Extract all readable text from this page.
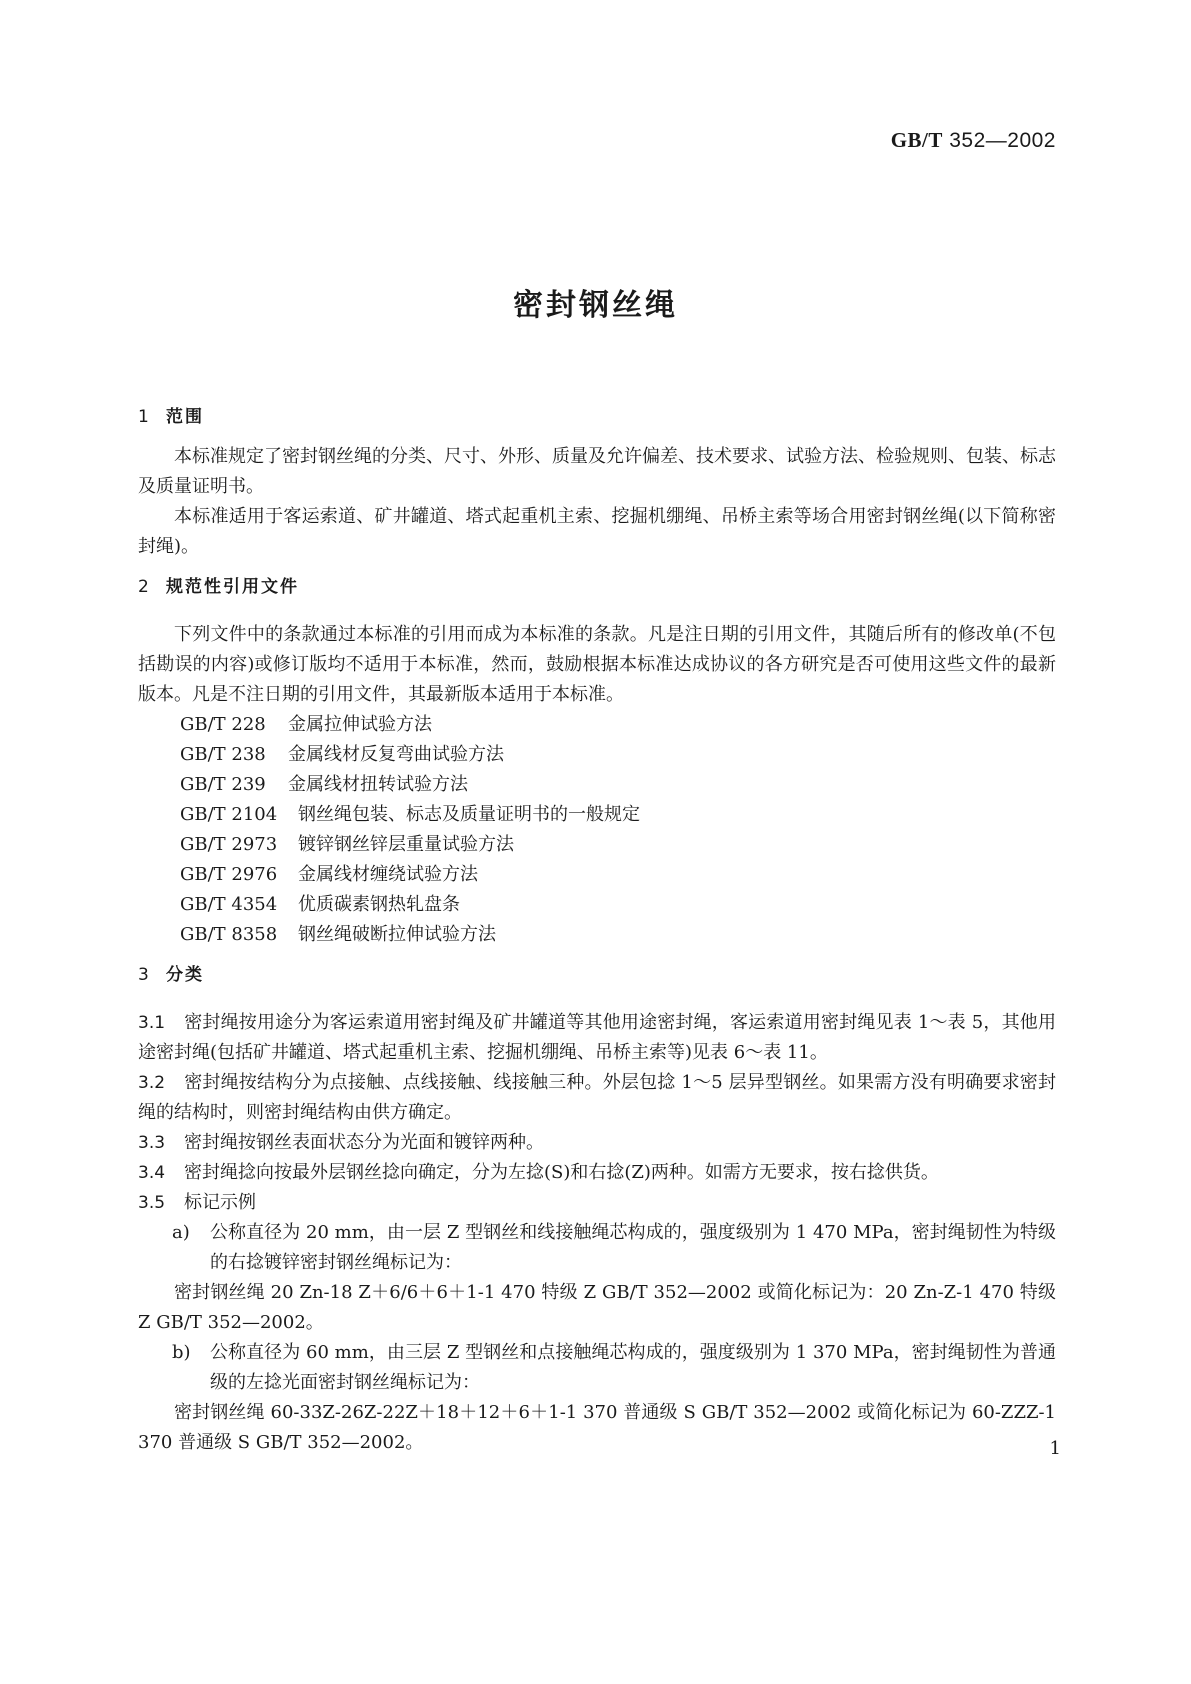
GB/T 352—2002
密封钢丝绳
1 范围

本标准规定了密封钢丝绳的分类、尺寸、外形、质量及允许偏差、技术要求、试验方法、检验规则、包装、标志及质量证明书。

本标准适用于客运索道、矿井罐道、塔式起重机主索、挖掘机绷绳、吊桥主索等场合用密封钢丝绳(以下简称密封绳)。

2 规范性引用文件

下列文件中的条款通过本标准的引用而成为本标准的条款。凡是注日期的引用文件，其随后所有的修改单(不包括勘误的内容)或修订版均不适用于本标准，然而，鼓励根据本标准达成协议的各方研究是否可使用这些文件的最新版本。凡是不注日期的引用文件，其最新版本适用于本标准。

GB/T 228 金属拉伸试验方法
GB/T 238 金属线材反复弯曲试验方法
GB/T 239 金属线材扭转试验方法
GB/T 2104 钢丝绳包装、标志及质量证明书的一般规定
GB/T 2973 镀锌钢丝锌层重量试验方法
GB/T 2976 金属线材缠绕试验方法
GB/T 4354 优质碳素钢热轧盘条
GB/T 8358 钢丝绳破断拉伸试验方法
3 分类

3.1 密封绳按用途分为客运索道用密封绳及矿井罐道等其他用途密封绳，客运索道用密封绳见表 1～表 5，其他用途密封绳(包括矿井罐道、塔式起重机主索、挖掘机绷绳、吊桥主索等)见表 6～表 11。

3.2 密封绳按结构分为点接触、点线接触、线接触三种。外层包捻 1～5 层异型钢丝。如果需方没有明确要求密封绳的结构时，则密封绳结构由供方确定。

3.3 密封绳按钢丝表面状态分为光面和镀锌两种。

3.4 密封绳捻向按最外层钢丝捻向确定，分为左捻(S)和右捻(Z)两种。如需方无要求，按右捻供货。

3.5 标记示例

a) 公称直径为 20 mm，由一层 Z 型钢丝和线接触绳芯构成的，强度级别为 1 470 MPa，密封绳韧性为特级的右捻镀锌密封钢丝绳标记为：

密封钢丝绳 20 Zn-18 Z＋6/6＋6＋1-1 470 特级 Z GB/T 352—2002 或简化标记为：20 Zn-Z-1 470 特级 Z GB/T 352—2002。

b) 公称直径为 60 mm，由三层 Z 型钢丝和点接触绳芯构成的，强度级别为 1 370 MPa，密封绳韧性为普通级的左捻光面密封钢丝绳标记为：

密封钢丝绳 60-33Z-26Z-22Z＋18＋12＋6＋1-1 370 普通级 S GB/T 352—2002 或简化标记为 60-ZZZ-1 370 普通级 S GB/T 352—2002。	1
